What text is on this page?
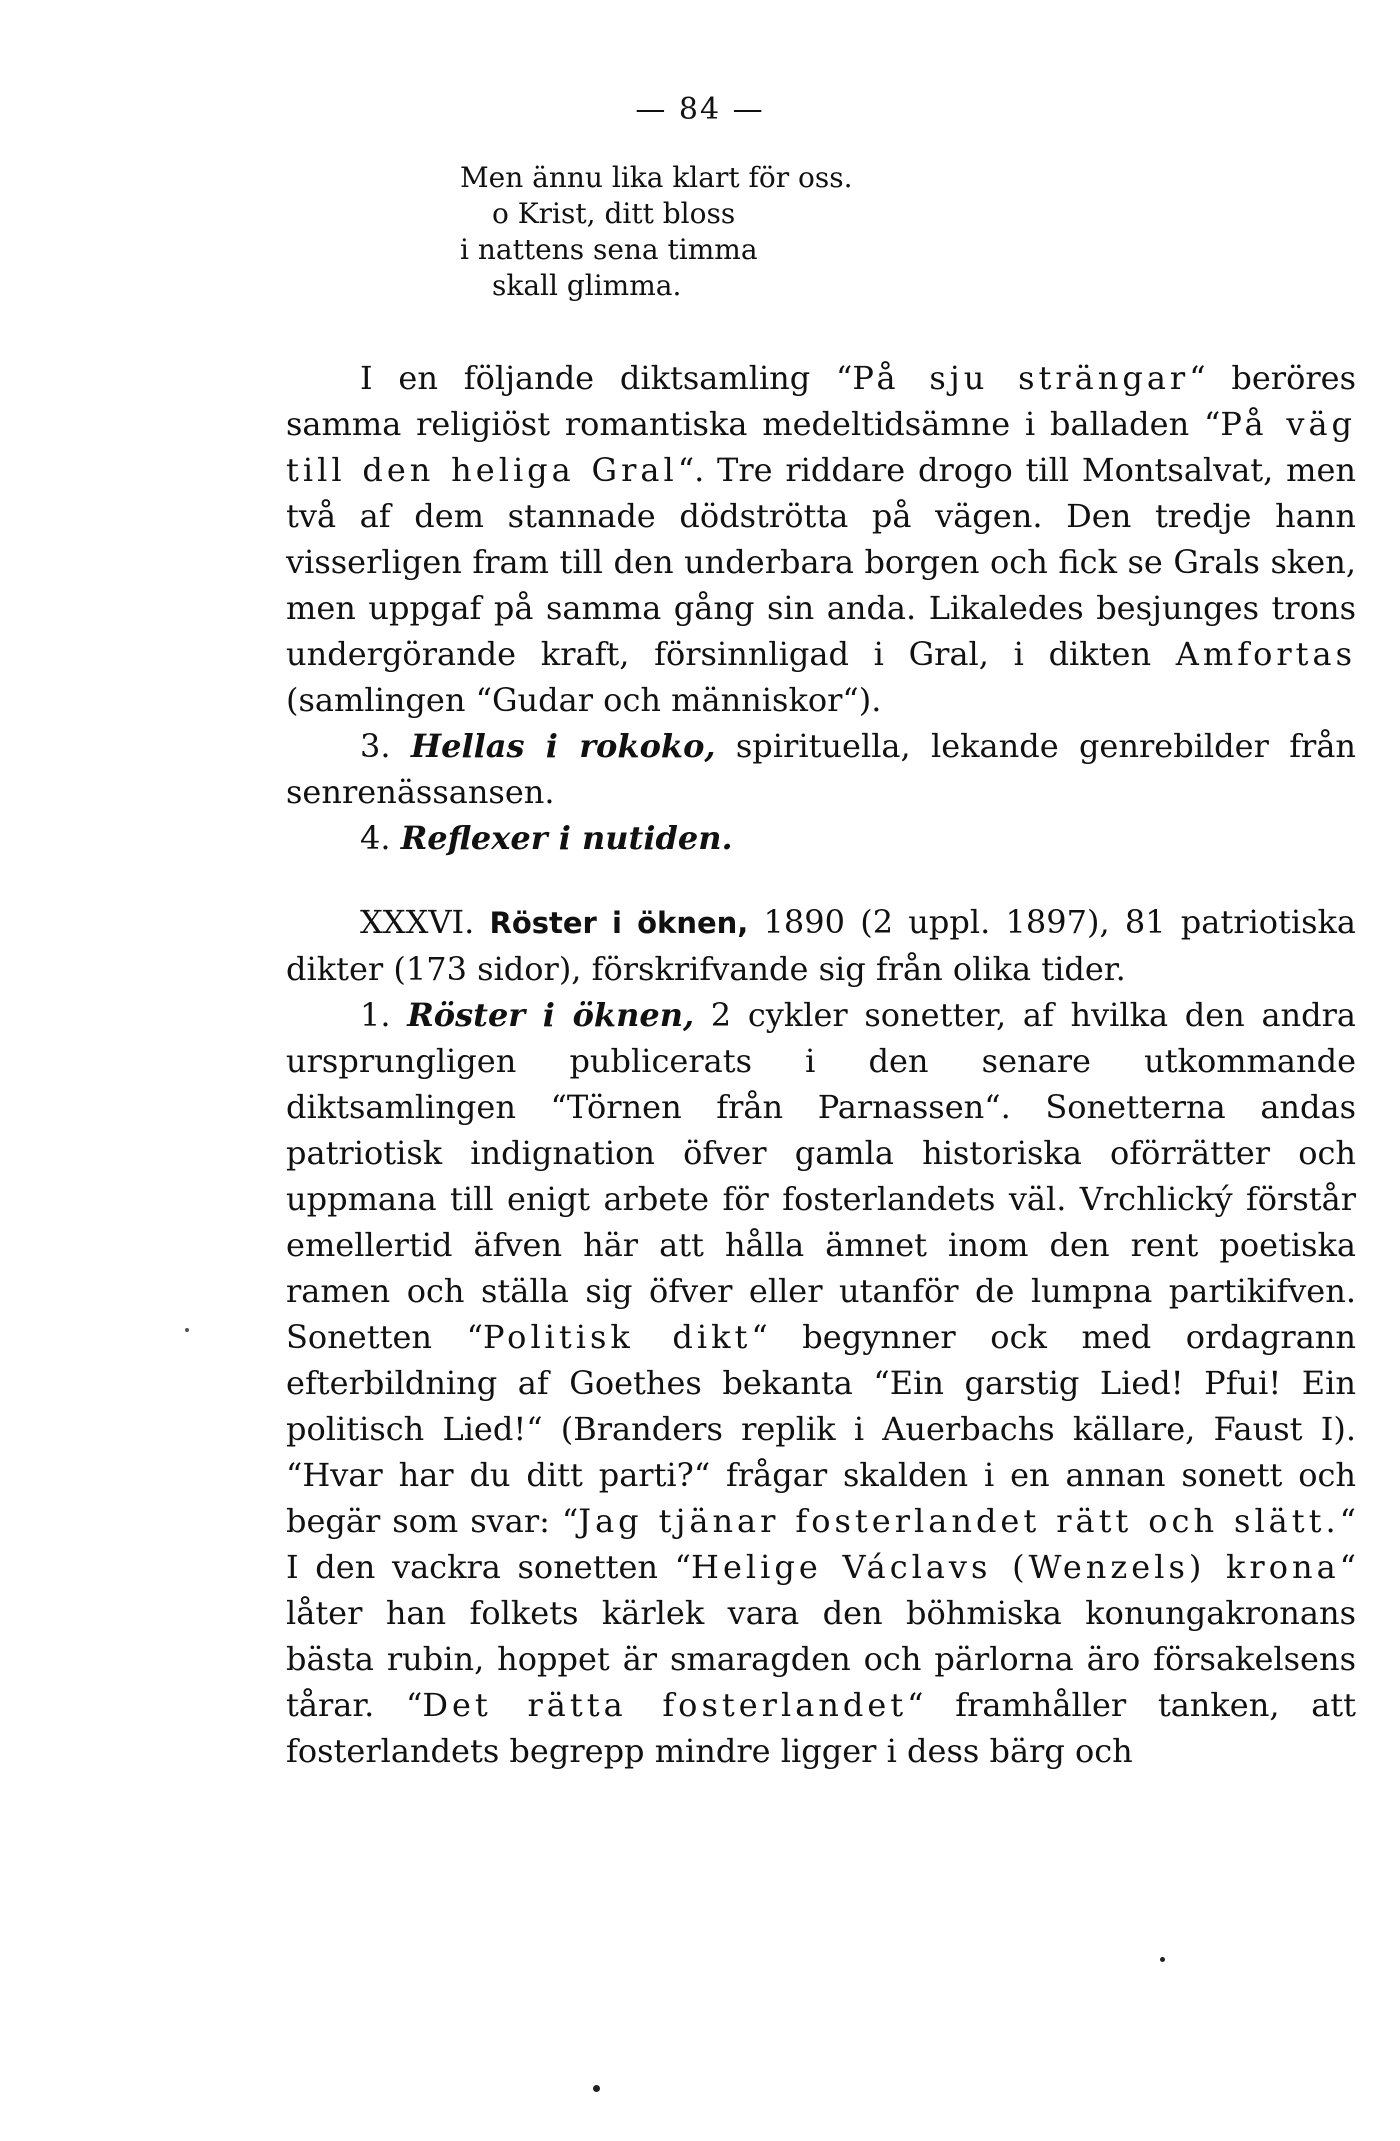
— 84 —
Men ännu lika klart för oss.
o Krist, ditt bloss
i nattens sena timma
skall glimma.

I en följande diktsamling “På sju strängar“ beröres samma religiöst romantiska medeltidsämne i balladen “På väg till den heliga Gral“. Tre riddare drogo till Montsalvat, men två af dem stannade dödströtta på vägen. Den tredje hann visserligen fram till den underbara borgen och fick se Grals sken, men uppgaf på samma gång sin anda. Likaledes besjunges trons undergörande kraft, försinnligad i Gral, i dikten Amfortas (samlingen “Gudar och människor“).

3. Hellas i rokoko, spirituella, lekande genrebilder från senrenässansen.

4. Reflexer i nutiden.

XXXVI. Röster i öknen, 1890 (2 uppl. 1897), 81 patriotiska dikter (173 sidor), förskrifvande sig från olika tider.

1. Röster i öknen, 2 cykler sonetter, af hvilka den andra ursprungligen publicerats i den senare utkommande diktsamlingen “Törnen från Parnassen“. Sonetterna andas patriotisk indignation öfver gamla historiska oförrätter och uppmana till enigt arbete för fosterlandets väl. Vrchlický förstår emellertid äfven här att hålla ämnet inom den rent poetiska ramen och ställa sig öfver eller utanför de lumpna partikifven. Sonetten “Politisk dikt“ begynner ock med ordagrann efterbildning af Goethes bekanta “Ein garstig Lied! Pfui! Ein politisch Lied!“ (Branders replik i Auerbachs källare, Faust I). “Hvar har du ditt parti?“ frågar skalden i en annan sonett och begär som svar: “Jag tjänar fosterlandet rätt och slätt.“ I den vackra sonetten “Helige Václavs (Wenzels) krona“ låter han folkets kärlek vara den böhmiska konungakronans bästa rubin, hoppet är smaragden och pärlorna äro försakelsens tårar. “Det rätta fosterlandet“ framhåller tanken, att fosterlandets begrepp mindre ligger i dess bärg och
